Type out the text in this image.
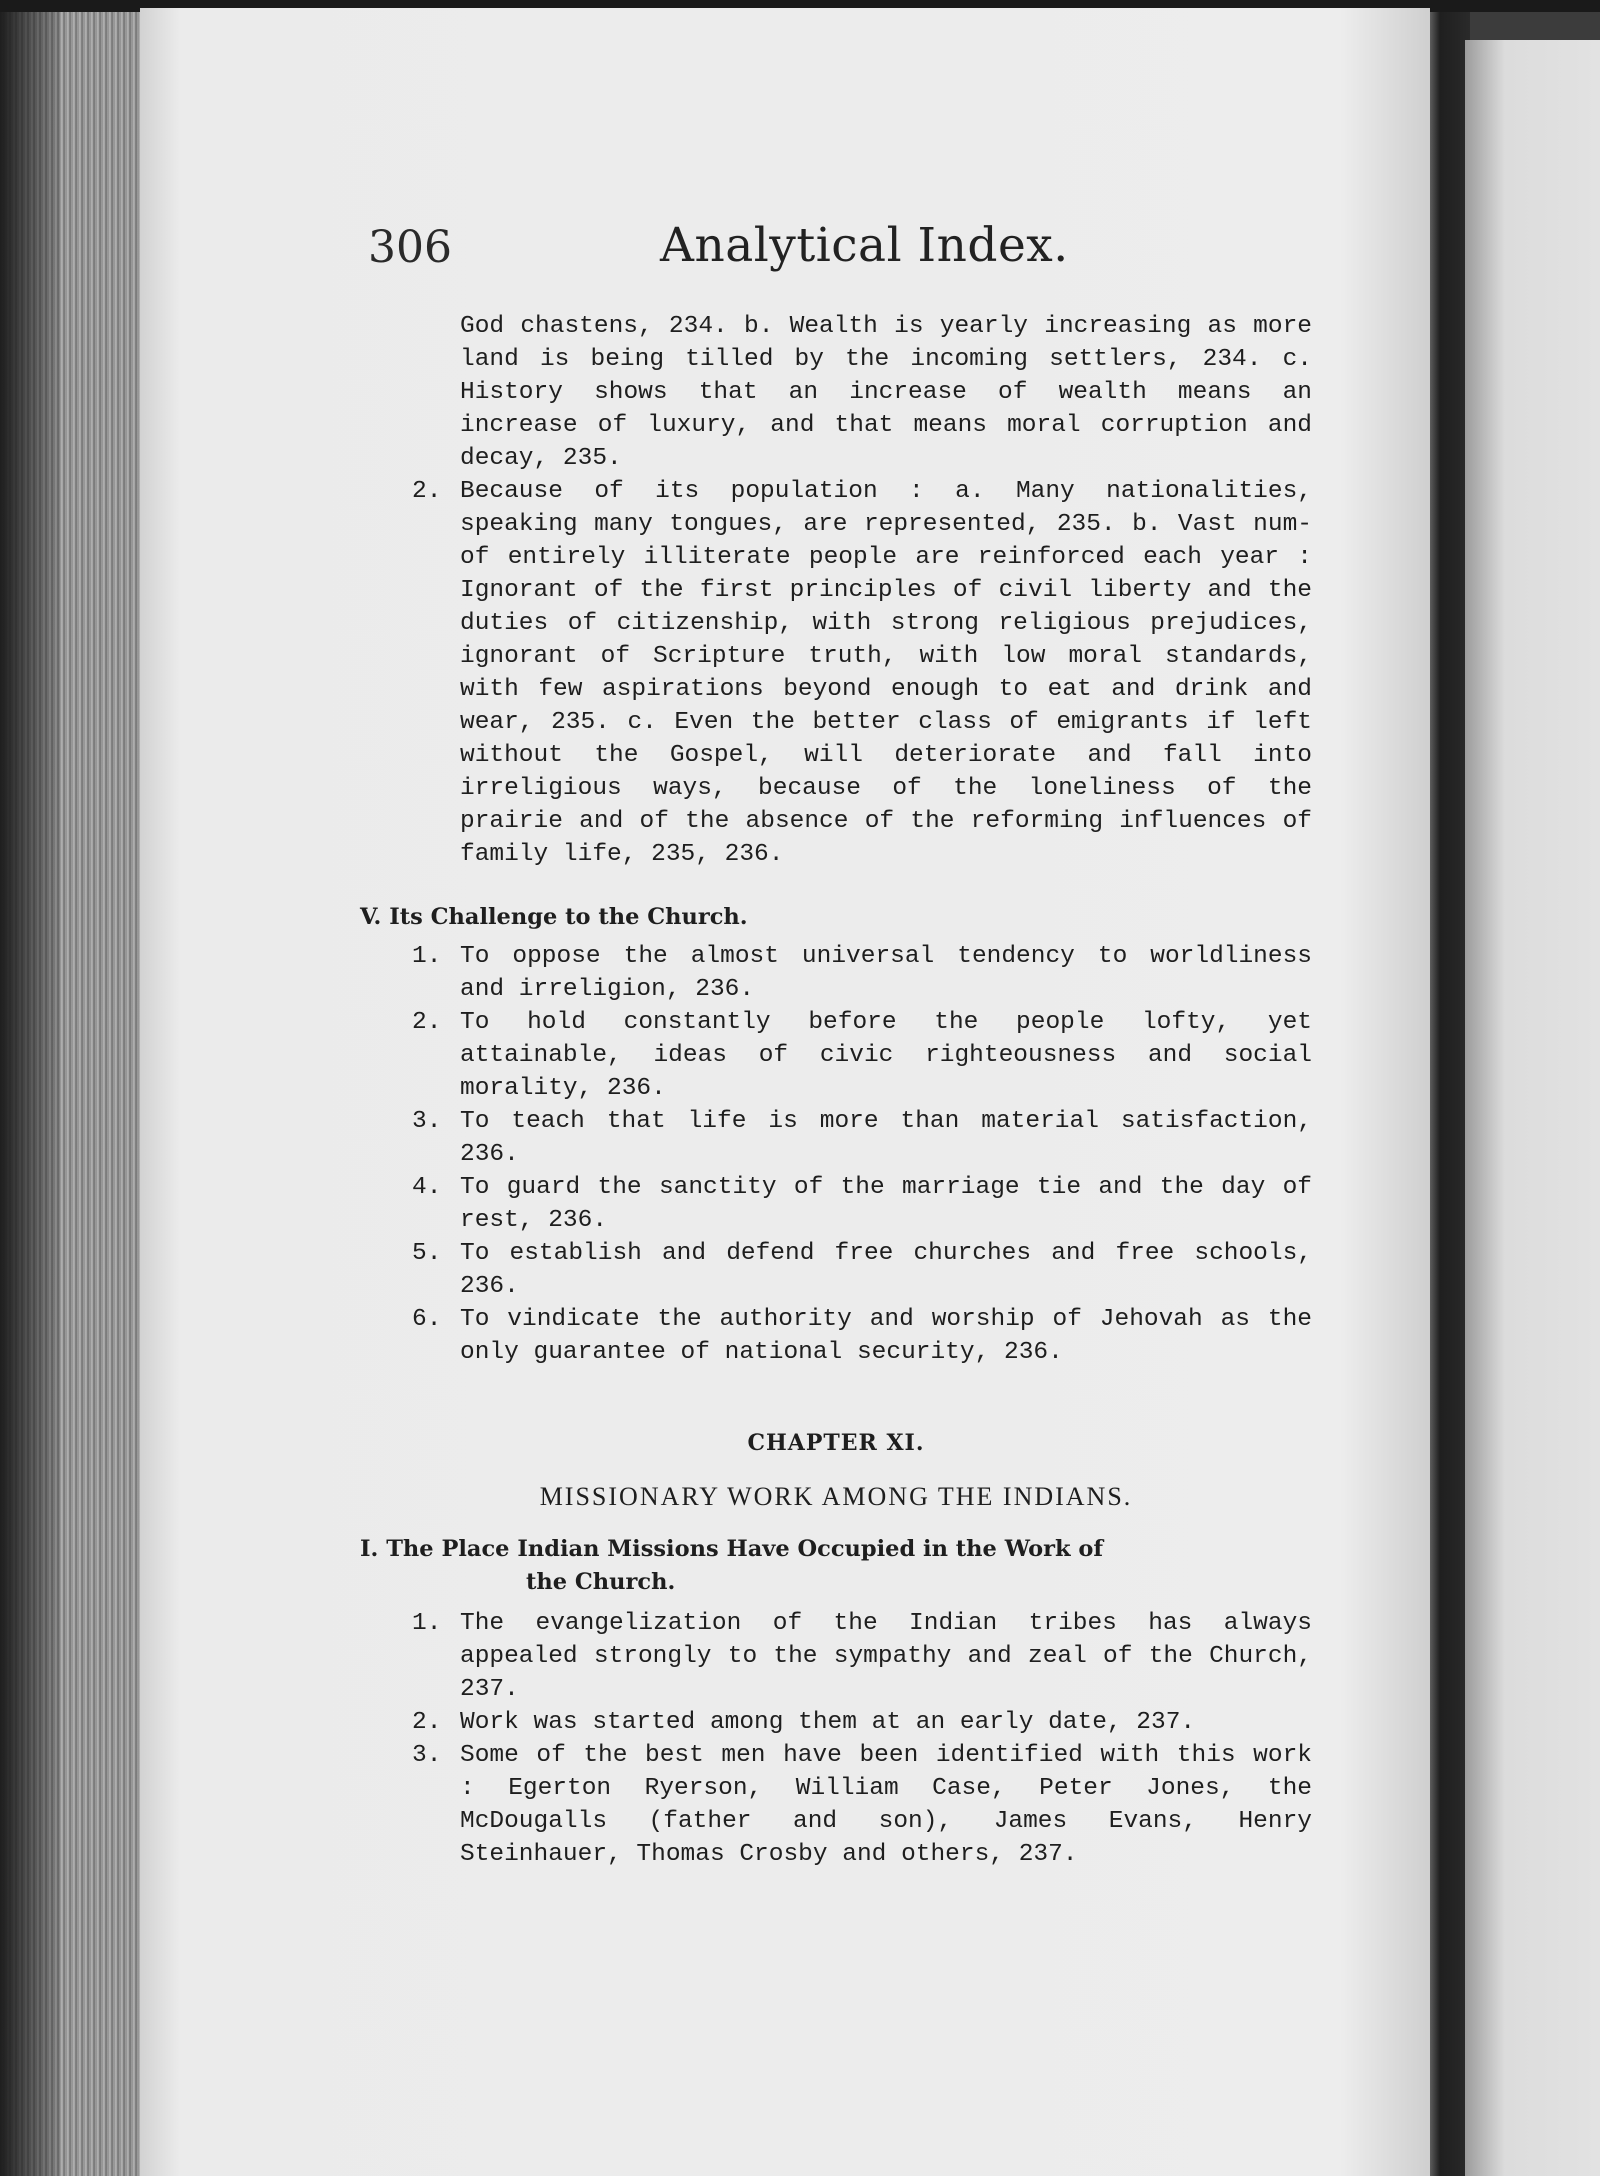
306	Analytical Index.

God chastens, 234. b. Wealth is yearly increasing as more land is being tilled by the incoming settlers, 234. c. History shows that an increase of wealth means an increase of luxury, and that means moral corruption and decay, 235.

2. Because of its population : a. Many nationalities, speaking many tongues, are represented, 235. b. Vast num- of entirely illiterate people are reinforced each year : Ignorant of the first principles of civil liberty and the duties of citizenship, with strong religious prejudices, ignorant of Scripture truth, with low moral standards, with few aspirations beyond enough to eat and drink and wear, 235. c. Even the better class of emigrants if left without the Gospel, will deteriorate and fall into irreligious ways, because of the loneliness of the prairie and of the absence of the reforming influences of family life, 235, 236.
V. Its Challenge to the Church.
1. To oppose the almost universal tendency to worldliness and irreligion, 236.
2. To hold constantly before the people lofty, yet attainable, ideas of civic righteousness and social morality, 236.
3. To teach that life is more than material satisfaction, 236.
4. To guard the sanctity of the marriage tie and the day of rest, 236.
5. To establish and defend free churches and free schools, 236.
6. To vindicate the authority and worship of Jehovah as the only guarantee of national security, 236.
CHAPTER XI.
MISSIONARY WORK AMONG THE INDIANS.
I. The Place Indian Missions Have Occupied in the Work of
the Church.
1. The evangelization of the Indian tribes has always appealed strongly to the sympathy and zeal of the Church, 237.
2. Work was started among them at an early date, 237.
3. Some of the best men have been identified with this work : Egerton Ryerson, William Case, Peter Jones, the McDougalls (father and son), James Evans, Henry Steinhauer, Thomas Crosby and others, 237.
